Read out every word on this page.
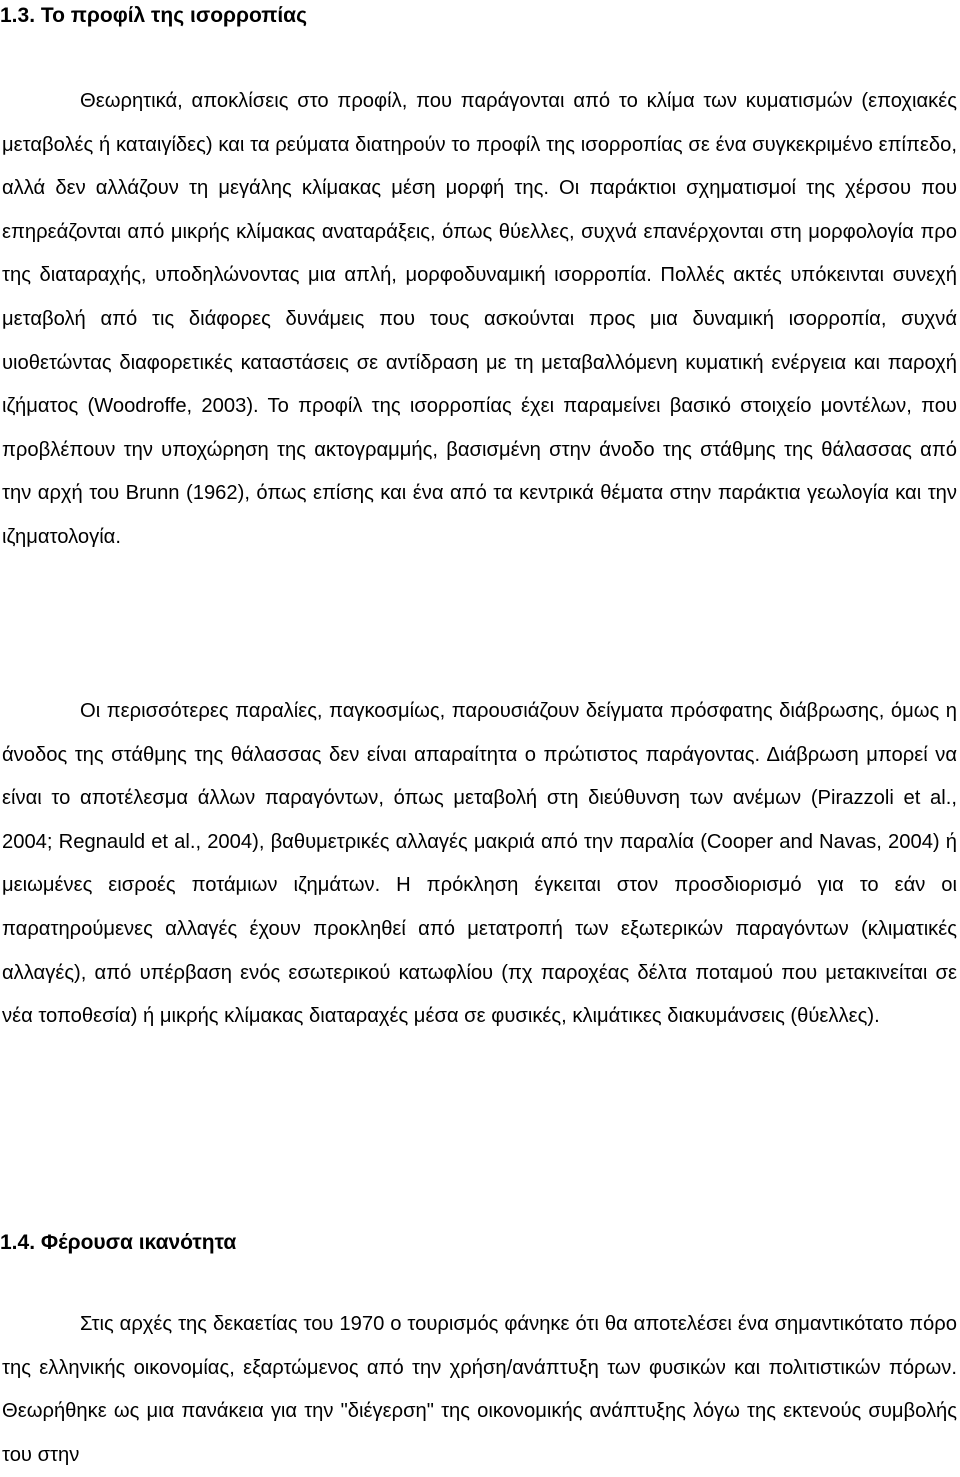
1.3. Το προφίλ της ισορροπίας

Θεωρητικά, αποκλίσεις στο προφίλ, που παράγονται από το κλίμα των κυματισμών (εποχιακές μεταβολές ή καταιγίδες) και τα ρεύματα διατηρούν το προφίλ της ισορροπίας σε ένα συγκεκριμένο επίπεδο, αλλά δεν αλλάζουν τη μεγάλης κλίμακας μέση μορφή της. Οι παράκτιοι σχηματισμοί της χέρσου που επηρεάζονται από μικρής κλίμακας αναταράξεις, όπως θύελλες, συχνά επανέρχονται στη μορφολογία προ της διαταραχής, υποδηλώνοντας μια απλή, μορφοδυναμική ισορροπία. Πολλές ακτές υπόκεινται συνεχή μεταβολή από τις διάφορες δυνάμεις που τους ασκούνται προς μια δυναμική ισορροπία, συχνά υιοθετώντας διαφορετικές καταστάσεις σε αντίδραση με τη μεταβαλλόμενη κυματική ενέργεια και παροχή ιζήματος (Woodroffe, 2003). Το προφίλ της ισορροπίας έχει παραμείνει βασικό στοιχείο μοντέλων, που προβλέπουν την υποχώρηση της ακτογραμμής, βασισμένη στην άνοδο της στάθμης της θάλασσας από την αρχή του Brunn (1962), όπως επίσης και ένα από τα κεντρικά θέματα στην παράκτια γεωλογία και την ιζηματολογία.

Οι περισσότερες παραλίες, παγκοσμίως, παρουσιάζουν δείγματα πρόσφατης διάβρωσης, όμως η άνοδος της στάθμης της θάλασσας δεν είναι απαραίτητα ο πρώτιστος παράγοντας. Διάβρωση μπορεί να είναι το αποτέλεσμα άλλων παραγόντων, όπως μεταβολή στη διεύθυνση των ανέμων (Pirazzoli et al., 2004; Regnauld et al., 2004), βαθυμετρικές αλλαγές μακριά από την παραλία (Cooper and Navas, 2004) ή μειωμένες εισροές ποτάμιων ιζημάτων. Η πρόκληση έγκειται στον προσδιορισμό για το εάν οι παρατηρούμενες αλλαγές έχουν προκληθεί από μετατροπή των εξωτερικών παραγόντων (κλιματικές αλλαγές), από υπέρβαση ενός εσωτερικού κατωφλίου (πχ παροχέας δέλτα ποταμού που μετακινείται σε νέα τοποθεσία) ή μικρής κλίμακας διαταραχές μέσα σε φυσικές, κλιμάτικες διακυμάνσεις (θύελλες).

1.4. Φέρουσα ικανότητα

Στις αρχές της δεκαετίας του 1970 ο τουρισμός φάνηκε ότι θα αποτελέσει ένα σημαντικότατο πόρο της ελληνικής οικονομίας, εξαρτώμενος από την χρήση/ανάπτυξη των φυσικών και πολιτιστικών πόρων. Θεωρήθηκε ως μια πανάκεια για την "διέγερση" της οικονομικής ανάπτυξης λόγω της εκτενούς συμβολής του στην
